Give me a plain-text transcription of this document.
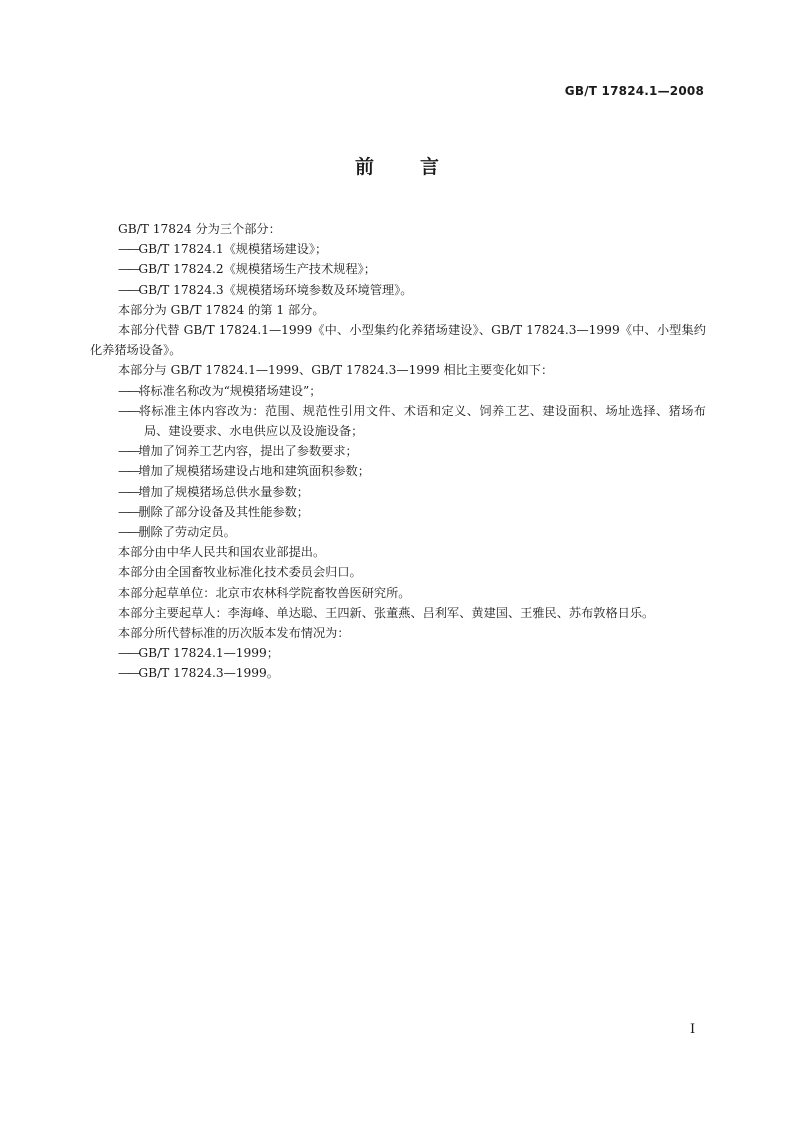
GB/T 17824.1—2008
前 言
GB/T 17824 分为三个部分：
——GB/T 17824.1《规模猪场建设》；
——GB/T 17824.2《规模猪场生产技术规程》；
——GB/T 17824.3《规模猪场环境参数及环境管理》。
本部分为 GB/T 17824 的第 1 部分。
本部分代替 GB/T 17824.1—1999《中、小型集约化养猪场建设》、GB/T 17824.3—1999《中、小型集约化养猪场设备》。
本部分与 GB/T 17824.1—1999、GB/T 17824.3—1999 相比主要变化如下：
——将标准名称改为“规模猪场建设”；
——将标准主体内容改为：范围、规范性引用文件、术语和定义、饲养工艺、建设面积、场址选择、猪场布局、建设要求、水电供应以及设施设备；
——增加了饲养工艺内容，提出了参数要求；
——增加了规模猪场建设占地和建筑面积参数；
——增加了规模猪场总供水量参数；
——删除了部分设备及其性能参数；
——删除了劳动定员。
本部分由中华人民共和国农业部提出。
本部分由全国畜牧业标准化技术委员会归口。
本部分起草单位：北京市农林科学院畜牧兽医研究所。
本部分主要起草人：李海峰、单达聪、王四新、张董燕、吕利军、黄建国、王雅民、苏布敦格日乐。
本部分所代替标准的历次版本发布情况为：
——GB/T 17824.1—1999；
——GB/T 17824.3—1999。
I
